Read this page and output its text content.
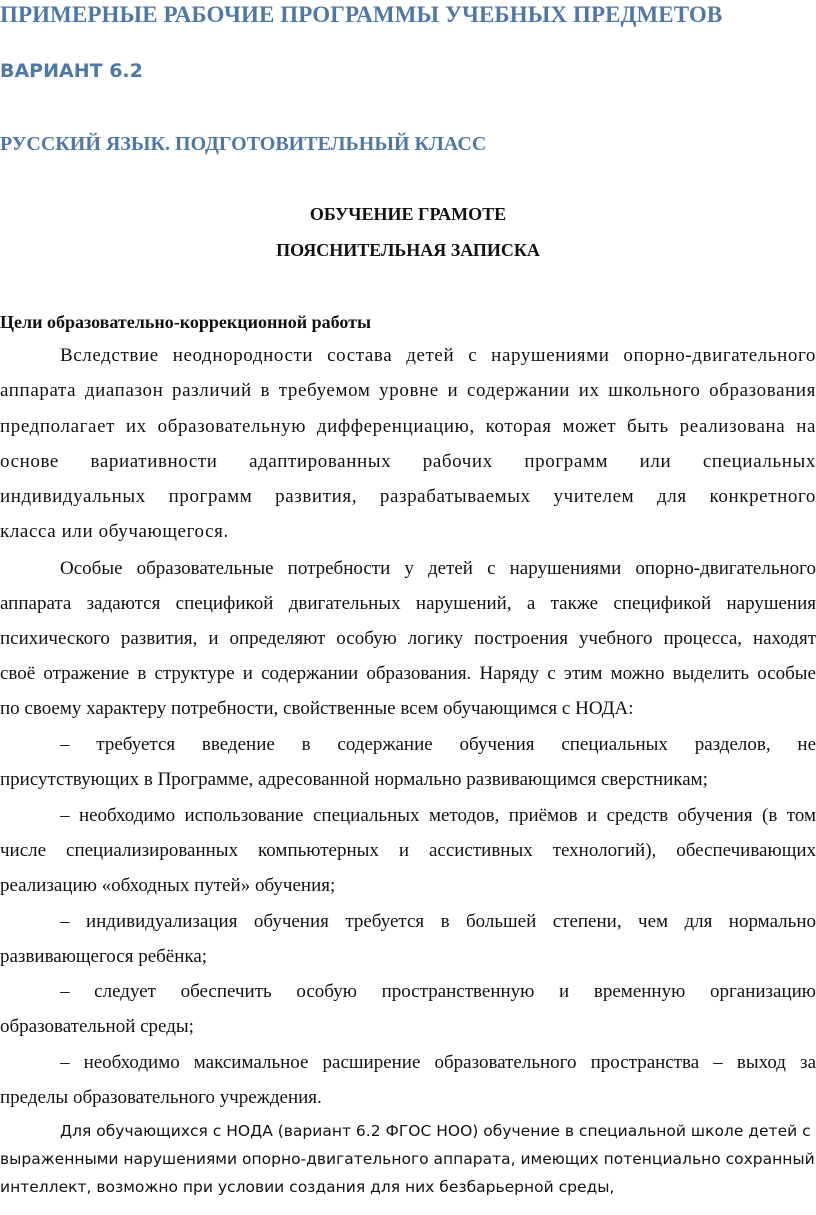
ПРИМЕРНЫЕ РАБОЧИЕ ПРОГРАММЫ УЧЕБНЫХ ПРЕДМЕТОВ
ВАРИАНТ 6.2
РУССКИЙ ЯЗЫК. ПОДГОТОВИТЕЛЬНЫЙ КЛАСС
ОБУЧЕНИЕ ГРАМОТЕ
ПОЯСНИТЕЛЬНАЯ ЗАПИСКА
Цели образовательно-коррекционной работы
Вследствие неоднородности состава детей с нарушениями опорно-двигательного
аппарата диапазон различий в требуемом уровне и содержании их школьного образования
предполагает их образовательную дифференциацию, которая может быть реализована на
основе вариативности адаптированных рабочих программ или специальных
индивидуальных программ развития, разрабатываемых учителем для конкретного
класса или обучающегося.
Особые образовательные потребности у детей с нарушениями опорно-двигательного
аппарата задаются спецификой двигательных нарушений, а также спецификой нарушения
психического развития, и определяют особую логику построения учебного процесса, находят
своё отражение в структуре и содержании образования. Наряду с этим можно выделить особые
по своему характеру потребности, свойственные всем обучающимся с НОДА:
– требуется введение в содержание обучения специальных разделов, не
присутствующих в Программе, адресованной нормально развивающимся сверстникам;
– необходимо использование специальных методов, приёмов и средств обучения (в том
числе специализированных компьютерных и ассистивных технологий), обеспечивающих
реализацию «обходных путей» обучения;
– индивидуализация обучения требуется в большей степени, чем для нормально
развивающегося ребёнка;
– следует обеспечить особую пространственную и временную организацию
образовательной среды;
– необходимо максимальное расширение образовательного пространства – выход за
пределы образовательного учреждения.
Для обучающихся с НОДА (вариант 6.2 ФГОС НОО) обучение в специальной школе детей с
выраженными нарушениями опорно-двигательного аппарата, имеющих потенциально сохранный
интеллект, возможно при условии создания для них безбарьерной среды,
